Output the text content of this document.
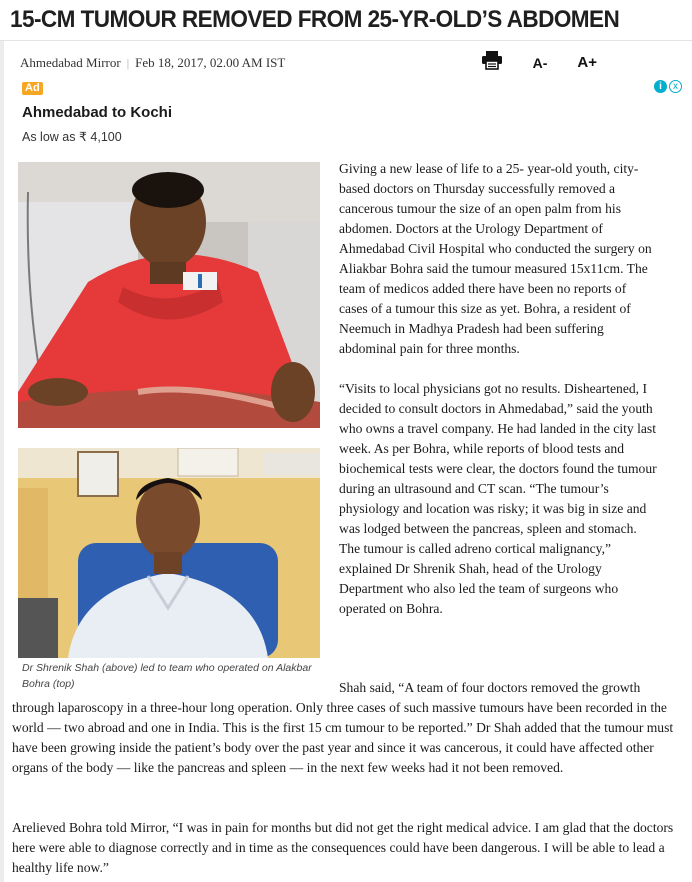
15-CM TUMOUR REMOVED FROM 25-YR-OLD’S ABDOMEN
Ahmedabad Mirror | Feb 18, 2017, 02.00 AM IST	A- A+
Ad	i	x
Ahmedabad to Kochi
As low as ₹ 4,100
Dr Shrenik Shah (above) led to team who operated on Alakbar Bohra (top)

Giving a new lease of life to a 25- year-old youth, city-based doctors on Thursday successfully removed a cancerous tumour the size of an open palm from his abdomen. Doctors at the Urology Department of Ahmedabad Civil Hospital who conducted the surgery on Aliakbar Bohra said the tumour measured 15x11cm. The team of medicos added there have been no reports of cases of a tumour this size as yet. Bohra, a resident of Neemuch in Madhya Pradesh had been suffering abdominal pain for three months.

“Visits to local physicians got no results. Disheartened, I decided to consult doctors in Ahmedabad,” said the youth who owns a travel company. He had landed in the city last week. As per Bohra, while reports of blood tests and biochemical tests were clear, the doctors found the tumour during an ultrasound and CT scan. “The tumour’s physiology and location was risky; it was big in size and was lodged between the pancreas, spleen and stomach. The tumour is called adreno cortical malignancy,” explained Dr Shrenik Shah, head of the Urology Department who also led the team of surgeons who operated on Bohra.

Shah said, “A team of four doctors removed the growth through laparoscopy in a three-hour long operation. Only three cases of such massive tumours have been recorded in the world — two abroad and one in India. This is the first 15 cm tumour to be reported.” Dr Shah added that the tumour must have been growing inside the patient’s body over the past year and since it was cancerous, it could have affected other organs of the body — like the pancreas and spleen — in the next few weeks had it not been removed.
Arelieved Bohra told Mirror, “I was in pain for months but did not get the right medical advice. I am glad that the doctors here were able to diagnose correctly and in time as the consequences could have been dangerous. I will be able to lead a healthy life now.”
